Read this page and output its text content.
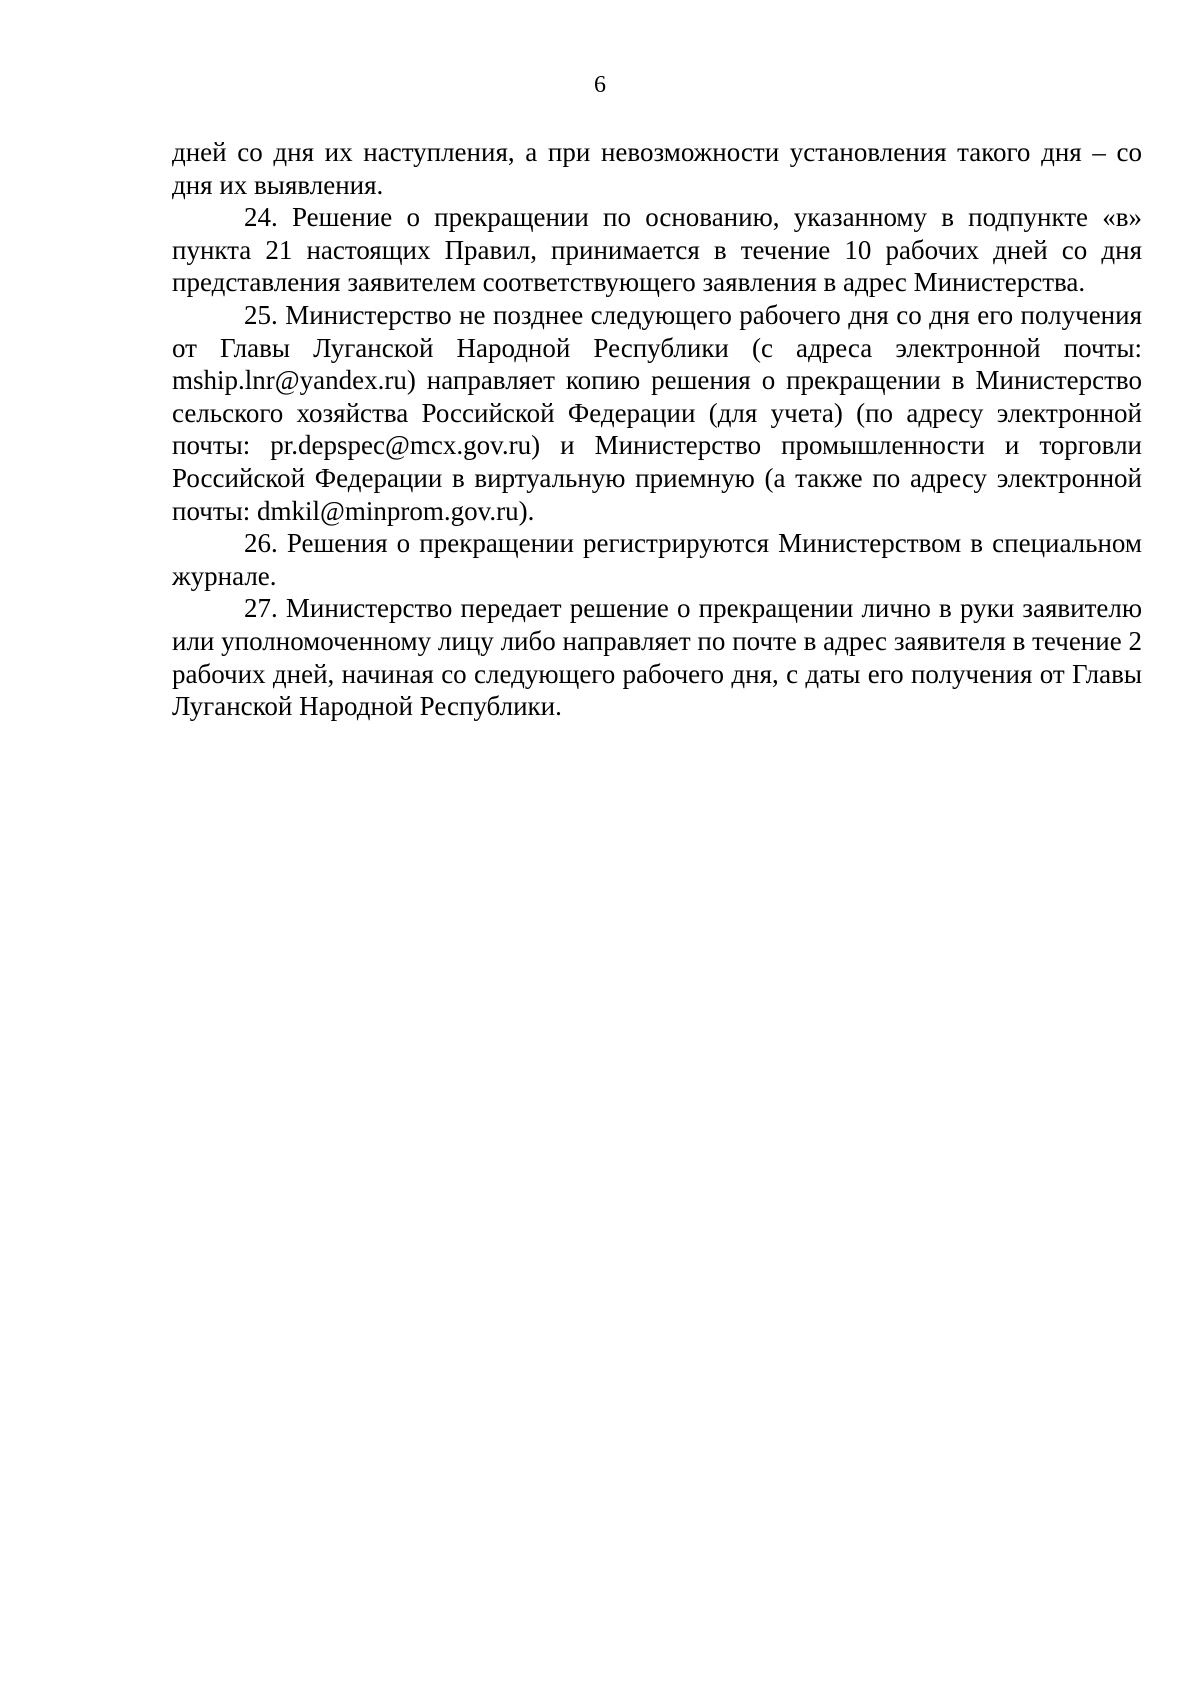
6

дней со дня их наступления, а при невозможности установления такого дня – со дня их выявления.

24. Решение о прекращении по основанию, указанному в подпункте «в» пункта 21 настоящих Правил, принимается в течение 10 рабочих дней со дня представления заявителем соответствующего заявления в адрес Министерства.

25. Министерство не позднее следующего рабочего дня со дня его получения от Главы Луганской Народной Республики (с адреса электронной почты: mship.lnr@yandex.ru) направляет копию решения о прекращении в Министерство сельского хозяйства Российской Федерации (для учета) (по адресу электронной почты: pr.depspec@mcx.gov.ru) и Министерство промышленности и торговли Российской Федерации в виртуальную приемную (а также по адресу электронной почты: dmkil@minprom.gov.ru).

26. Решения о прекращении регистрируются Министерством в специальном журнале.

27. Министерство передает решение о прекращении лично в руки заявителю или уполномоченному лицу либо направляет по почте в адрес заявителя в течение 2 рабочих дней, начиная со следующего рабочего дня, с даты его получения от Главы Луганской Народной Республики.
